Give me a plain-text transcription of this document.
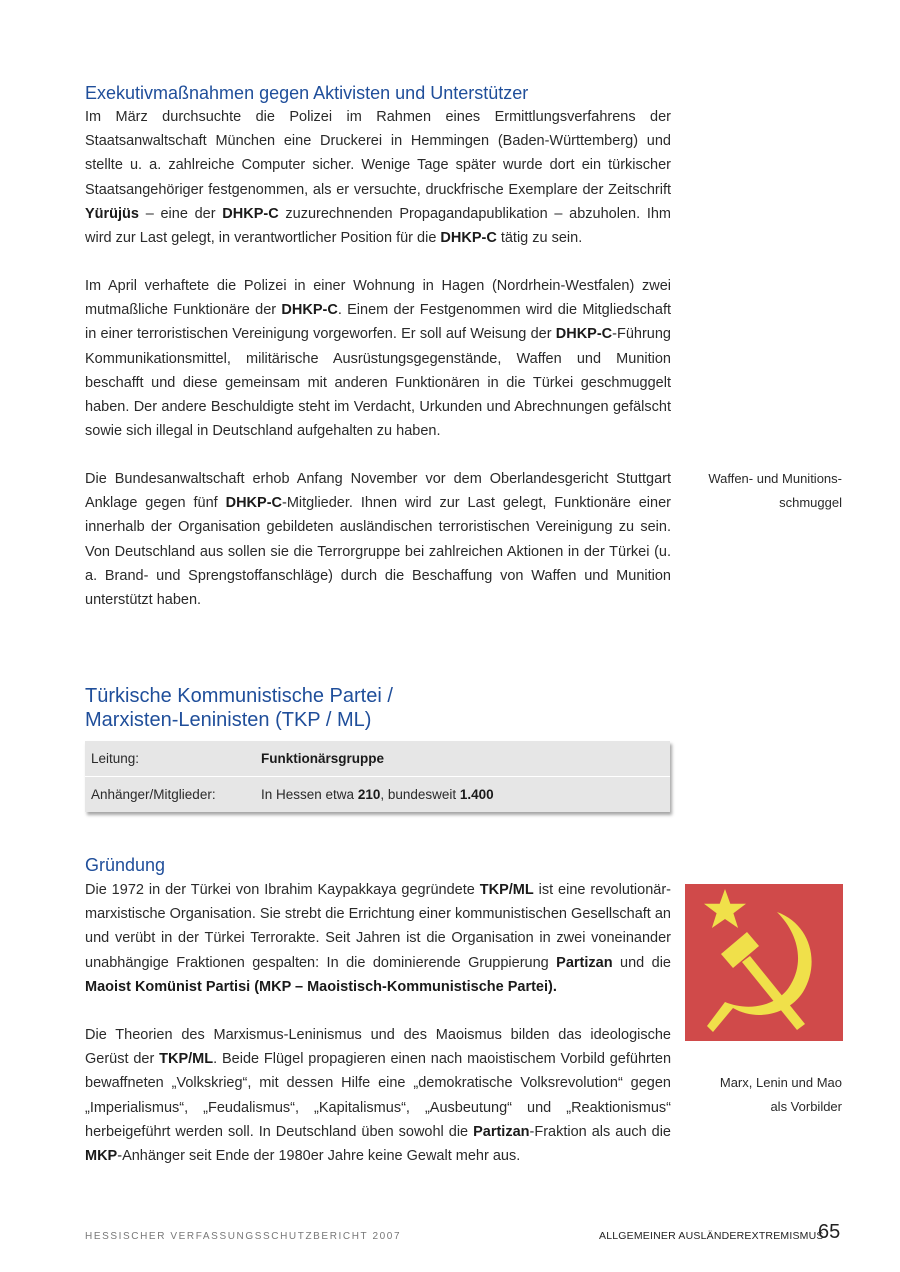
Exekutivmaßnahmen gegen Aktivisten und Unterstützer

Im März durchsuchte die Polizei im Rahmen eines Ermittlungsverfahrens der Staatsanwaltschaft München eine Druckerei in Hemmingen (Baden-Württemberg) und stellte u. a. zahlreiche Computer sicher. Wenige Tage später wurde dort ein türkischer Staatsangehöriger festgenommen, als er versuchte, druckfrische Exemplare der Zeitschrift Yürüjüs – eine der DHKP-C zuzurechnenden Propagandapublikation – abzuholen. Ihm wird zur Last gelegt, in verantwortlicher Position für die DHKP-C tätig zu sein.

Im April verhaftete die Polizei in einer Wohnung in Hagen (Nordrhein-Westfalen) zwei mutmaßliche Funktionäre der DHKP-C. Einem der Festgenommen wird die Mitgliedschaft in einer terroristischen Vereinigung vorgeworfen. Er soll auf Weisung der DHKP-C-Führung Kommunikationsmittel, militärische Ausrüstungsgegenstände, Waffen und Munition beschafft und diese gemeinsam mit anderen Funktionären in die Türkei geschmuggelt haben. Der andere Beschuldigte steht im Verdacht, Urkunden und Abrechnungen gefälscht sowie sich illegal in Deutschland aufgehalten zu haben.

Die Bundesanwaltschaft erhob Anfang November vor dem Oberlandesgericht Stuttgart Anklage gegen fünf DHKP-C-Mitglieder. Ihnen wird zur Last gelegt, Funktionäre einer innerhalb der Organisation gebildeten ausländischen terroristischen Vereinigung zu sein. Von Deutschland aus sollen sie die Terrorgruppe bei zahlreichen Aktionen in der Türkei (u. a. Brand- und Sprengstoffanschläge) durch die Beschaffung von Waffen und Munition unterstützt haben.

Waffen- und Munitions-
schmuggel
Türkische Kommunistische Partei /
Marxisten-Leninisten (TKP / ML)
Leitung:	Funktionärsgruppe
Anhänger/Mitglieder:	In Hessen etwa 210, bundesweit 1.400
Gründung

Die 1972 in der Türkei von Ibrahim Kaypakkaya gegründete TKP/ML ist eine revolutionär-marxistische Organisation. Sie strebt die Errichtung einer kommunistischen Gesellschaft an und verübt in der Türkei Terrorakte. Seit Jahren ist die Organisation in zwei voneinander unabhängige Fraktionen gespalten: In die dominierende Gruppierung Partizan und die Maoist Komünist Partisi (MKP – Maoistisch-Kommunistische Partei).

Die Theorien des Marxismus-Leninismus und des Maoismus bilden das ideologische Gerüst der TKP/ML. Beide Flügel propagieren einen nach maoistischem Vorbild geführten bewaffneten „Volkskrieg“, mit dessen Hilfe eine „demokratische Volksrevolution“ gegen „Imperialismus“, „Feudalismus“, „Kapitalismus“, „Ausbeutung“ und „Reaktionismus“ herbeigeführt werden soll. In Deutschland üben sowohl die Partizan-Fraktion als auch die MKP-Anhänger seit Ende der 1980er Jahre keine Gewalt mehr aus.

Marx, Lenin und Mao
als Vorbilder
HESSISCHER VERFASSUNGSSCHUTZBERICHT 2007	ALLGEMEINER AUSLÄNDEREXTREMISMUS
65
